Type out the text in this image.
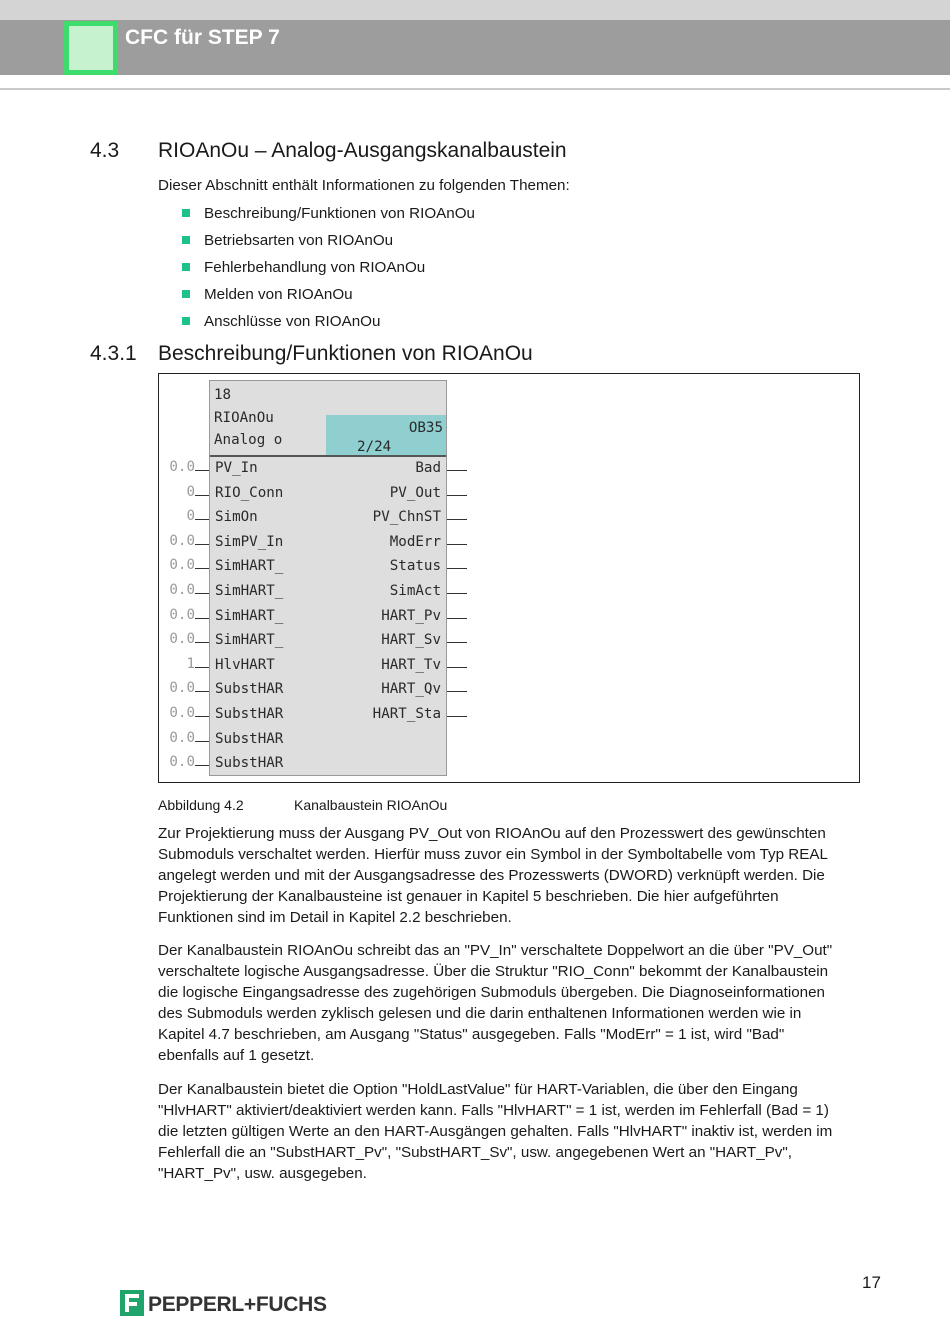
CFC für STEP 7
4.3 RIOAnOu – Analog-Ausgangskanalbaustein
Dieser Abschnitt enthält Informationen zu folgenden Themen:
Beschreibung/Funktionen von RIOAnOu
Betriebsarten von RIOAnOu
Fehlerbehandlung von RIOAnOu
Melden von RIOAnOu
Anschlüsse von RIOAnOu
4.3.1 Beschreibung/Funktionen von RIOAnOu
18
RIOAnOu
Analog o
OB35
2/24
PV_In
RIO_Conn
SimOn
SimPV_In
SimHART_
SimHART_
SimHART_
SimHART_
HlvHART
SubstHAR
SubstHAR
SubstHAR
SubstHAR
Bad
PV_Out
PV_ChnST
ModErr
Status
SimAct
HART_Pv
HART_Sv
HART_Tv
HART_Qv
HART_Sta
0.0
0
0
0.0
0.0
0.0
0.0
0.0
1
0.0
0.0
0.0
0.0
Abbildung 4.2	Kanalbaustein RIOAnOu
Zur Projektierung muss der Ausgang PV_Out von RIOAnOu auf den Prozesswert des gewünschten
Submoduls verschaltet werden. Hierfür muss zuvor ein Symbol in der Symboltabelle vom Typ REAL
angelegt werden und mit der Ausgangsadresse des Prozesswerts (DWORD) verknüpft werden. Die
Projektierung der Kanalbausteine ist genauer in Kapitel 5 beschrieben. Die hier aufgeführten
Funktionen sind im Detail in Kapitel 2.2 beschrieben.
Der Kanalbaustein RIOAnOu schreibt das an "PV_In" verschaltete Doppelwort an die über "PV_Out"
verschaltete logische Ausgangsadresse. Über die Struktur "RIO_Conn" bekommt der Kanalbaustein
die logische Eingangsadresse des zugehörigen Submoduls übergeben. Die Diagnoseinformationen
des Submoduls werden zyklisch gelesen und die darin enthaltenen Informationen werden wie in
Kapitel 4.7 beschrieben, am Ausgang "Status" ausgegeben. Falls "ModErr" = 1 ist, wird "Bad"
ebenfalls auf 1 gesetzt.
Der Kanalbaustein bietet die Option "HoldLastValue" für HART-Variablen, die über den Eingang
"HlvHART" aktiviert/deaktiviert werden kann. Falls "HlvHART" = 1 ist, werden im Fehlerfall (Bad = 1)
die letzten gültigen Werte an den HART-Ausgängen gehalten. Falls "HlvHART" inaktiv ist, werden im
Fehlerfall die an "SubstHART_Pv", "SubstHART_Sv", usw. angegebenen Wert an "HART_Pv",
"HART_Pv", usw. ausgegeben.
17
PEPPERL+FUCHS
